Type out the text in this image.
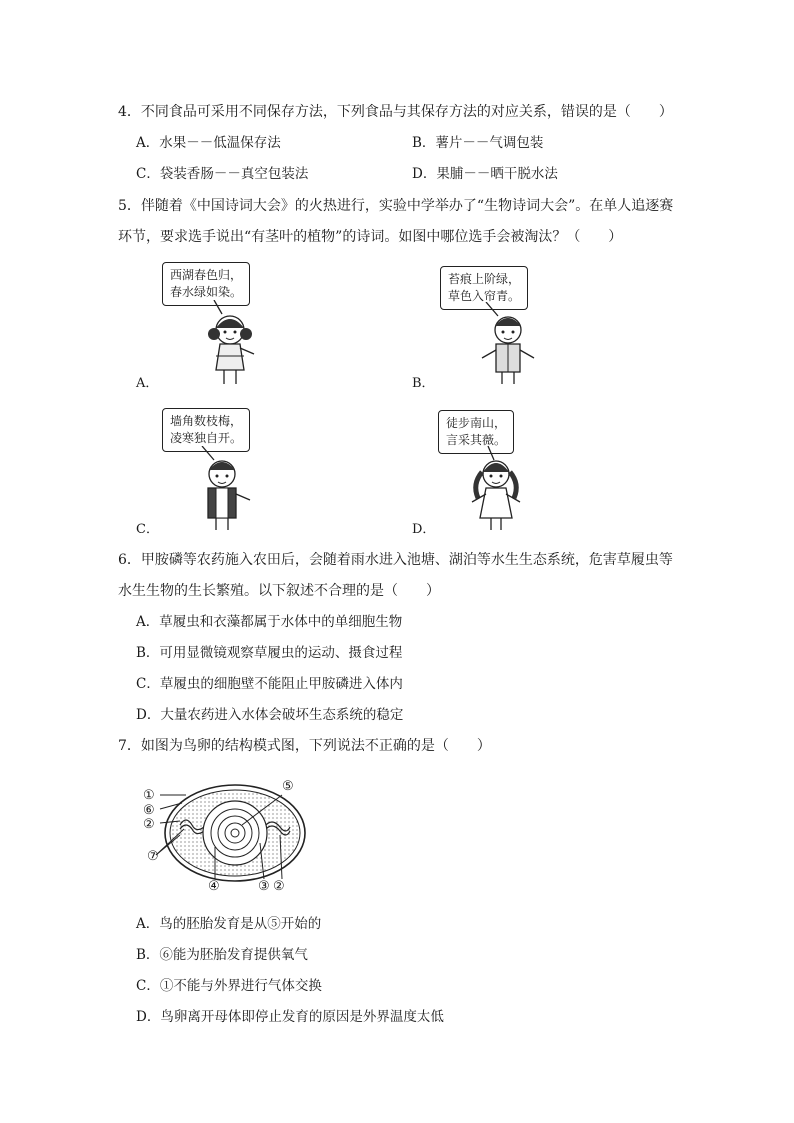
4．不同食品可采用不同保存方法，下列食品与其保存方法的对应关系，错误的是（　　）
A．水果－－低温保存法	B．薯片－－气调包装
C．袋装香肠－－真空包装法	D．果脯－－晒干脱水法
5．伴随着《中国诗词大会》的火热进行，实验中学举办了“生物诗词大会”。在单人追逐赛
环节，要求选手说出“有茎叶的植物”的诗词。如图中哪位选手会被淘汰？（　　）
西湖春色归，
春水绿如染。
A．
苔痕上阶绿，
草色入帘青。
B．
墙角数枝梅，
凌寒独自开。
C．
徒步南山，
言采其薇。
D．
6．甲胺磷等农药施入农田后，会随着雨水进入池塘、湖泊等水生生态系统，危害草履虫等
水生生物的生长繁殖。以下叙述不合理的是（　　）
A．草履虫和衣藻都属于水体中的单细胞生物
B．可用显微镜观察草履虫的运动、摄食过程
C．草履虫的细胞壁不能阻止甲胺磷进入体内
D．大量农药进入水体会破坏生态系统的稳定
7．如图为鸟卵的结构模式图，下列说法不正确的是（　　）
①
⑥
②
⑦
⑤
④	③ ②
A．鸟的胚胎发育是从⑤开始的
B．⑥能为胚胎发育提供氧气
C．①不能与外界进行气体交换
D．鸟卵离开母体即停止发育的原因是外界温度太低
